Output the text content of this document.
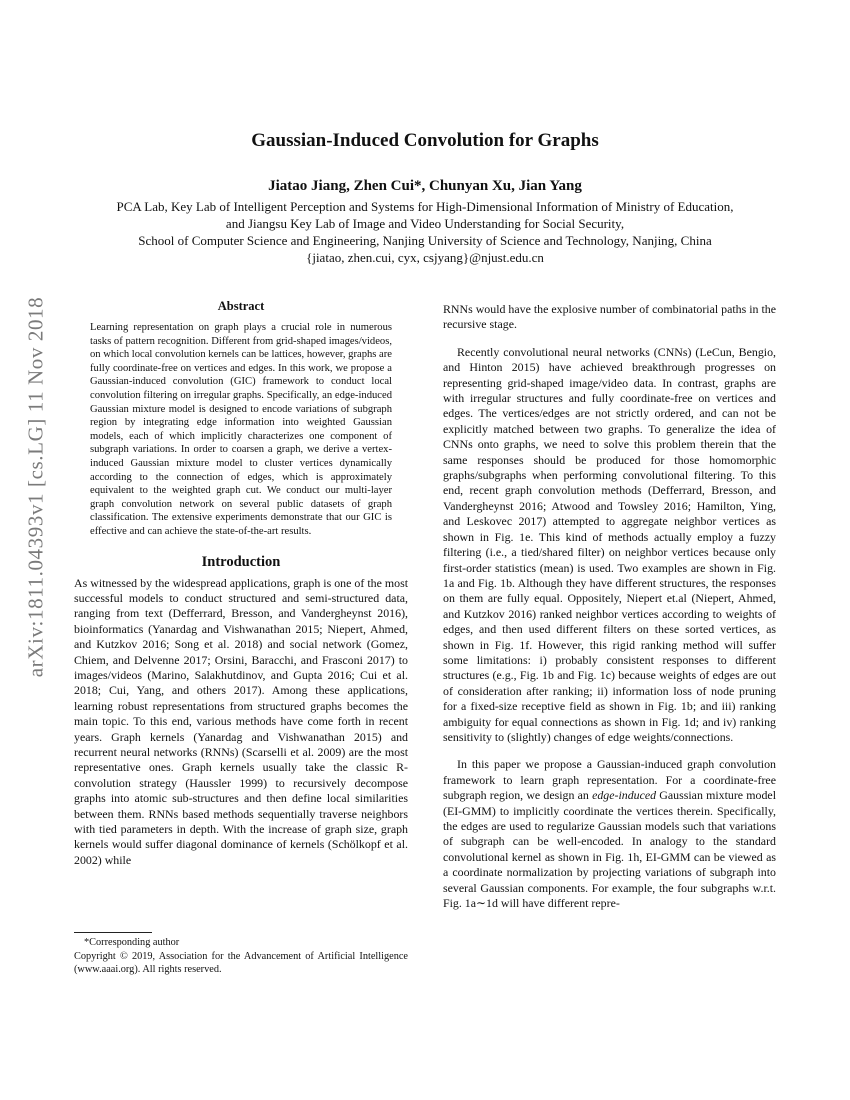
arXiv:1811.04393v1 [cs.LG] 11 Nov 2018
Gaussian-Induced Convolution for Graphs
Jiatao Jiang, Zhen Cui*, Chunyan Xu, Jian Yang
PCA Lab, Key Lab of Intelligent Perception and Systems for High-Dimensional Information of Ministry of Education,
and Jiangsu Key Lab of Image and Video Understanding for Social Security,
School of Computer Science and Engineering, Nanjing University of Science and Technology, Nanjing, China
{jiatao, zhen.cui, cyx, csjyang}@njust.edu.cn
Abstract

Learning representation on graph plays a crucial role in numerous tasks of pattern recognition. Different from grid-shaped images/videos, on which local convolution kernels can be lattices, however, graphs are fully coordinate-free on vertices and edges. In this work, we propose a Gaussian-induced convolution (GIC) framework to conduct local convolution filtering on irregular graphs. Specifically, an edge-induced Gaussian mixture model is designed to encode variations of subgraph region by integrating edge information into weighted Gaussian models, each of which implicitly characterizes one component of subgraph variations. In order to coarsen a graph, we derive a vertex-induced Gaussian mixture model to cluster vertices dynamically according to the connection of edges, which is approximately equivalent to the weighted graph cut. We conduct our multi-layer graph convolution network on several public datasets of graph classification. The extensive experiments demonstrate that our GIC is effective and can achieve the state-of-the-art results.

Introduction

As witnessed by the widespread applications, graph is one of the most successful models to conduct structured and semi-structured data, ranging from text (Defferrard, Bresson, and Vandergheynst 2016), bioinformatics (Yanardag and Vishwanathan 2015; Niepert, Ahmed, and Kutzkov 2016; Song et al. 2018) and social network (Gomez, Chiem, and Delvenne 2017; Orsini, Baracchi, and Frasconi 2017) to images/videos (Marino, Salakhutdinov, and Gupta 2016; Cui et al. 2018; Cui, Yang, and others 2017). Among these applications, learning robust representations from structured graphs becomes the main topic. To this end, various methods have come forth in recent years. Graph kernels (Yanardag and Vishwanathan 2015) and recurrent neural networks (RNNs) (Scarselli et al. 2009) are the most representative ones. Graph kernels usually take the classic R-convolution strategy (Haussler 1999) to recursively decompose graphs into atomic sub-structures and then define local similarities between them. RNNs based methods sequentially traverse neighbors with tied parameters in depth. With the increase of graph size, graph kernels would suffer diagonal dominance of kernels (Schölkopf et al. 2002) while

*Corresponding author
Copyright © 2019, Association for the Advancement of Artificial Intelligence (www.aaai.org). All rights reserved.

RNNs would have the explosive number of combinatorial paths in the recursive stage.

Recently convolutional neural networks (CNNs) (LeCun, Bengio, and Hinton 2015) have achieved breakthrough progresses on representing grid-shaped image/video data. In contrast, graphs are with irregular structures and fully coordinate-free on vertices and edges. The vertices/edges are not strictly ordered, and can not be explicitly matched between two graphs. To generalize the idea of CNNs onto graphs, we need to solve this problem therein that the same responses should be produced for those homomorphic graphs/subgraphs when performing convolutional filtering. To this end, recent graph convolution methods (Defferrard, Bresson, and Vandergheynst 2016; Atwood and Towsley 2016; Hamilton, Ying, and Leskovec 2017) attempted to aggregate neighbor vertices as shown in Fig. 1e. This kind of methods actually employ a fuzzy filtering (i.e., a tied/shared filter) on neighbor vertices because only first-order statistics (mean) is used. Two examples are shown in Fig. 1a and Fig. 1b. Although they have different structures, the responses on them are fully equal. Oppositely, Niepert et.al (Niepert, Ahmed, and Kutzkov 2016) ranked neighbor vertices according to weights of edges, and then used different filters on these sorted vertices, as shown in Fig. 1f. However, this rigid ranking method will suffer some limitations: i) probably consistent responses to different structures (e.g., Fig. 1b and Fig. 1c) because weights of edges are out of consideration after ranking; ii) information loss of node pruning for a fixed-size receptive field as shown in Fig. 1b; and iii) ranking ambiguity for equal connections as shown in Fig. 1d; and iv) ranking sensitivity to (slightly) changes of edge weights/connections.

In this paper we propose a Gaussian-induced graph convolution framework to learn graph representation. For a coordinate-free subgraph region, we design an edge-induced Gaussian mixture model (EI-GMM) to implicitly coordinate the vertices therein. Specifically, the edges are used to regularize Gaussian models such that variations of subgraph can be well-encoded. In analogy to the standard convolutional kernel as shown in Fig. 1h, EI-GMM can be viewed as a coordinate normalization by projecting variations of subgraph into several Gaussian components. For example, the four subgraphs w.r.t. Fig. 1a∼1d will have different repre-
